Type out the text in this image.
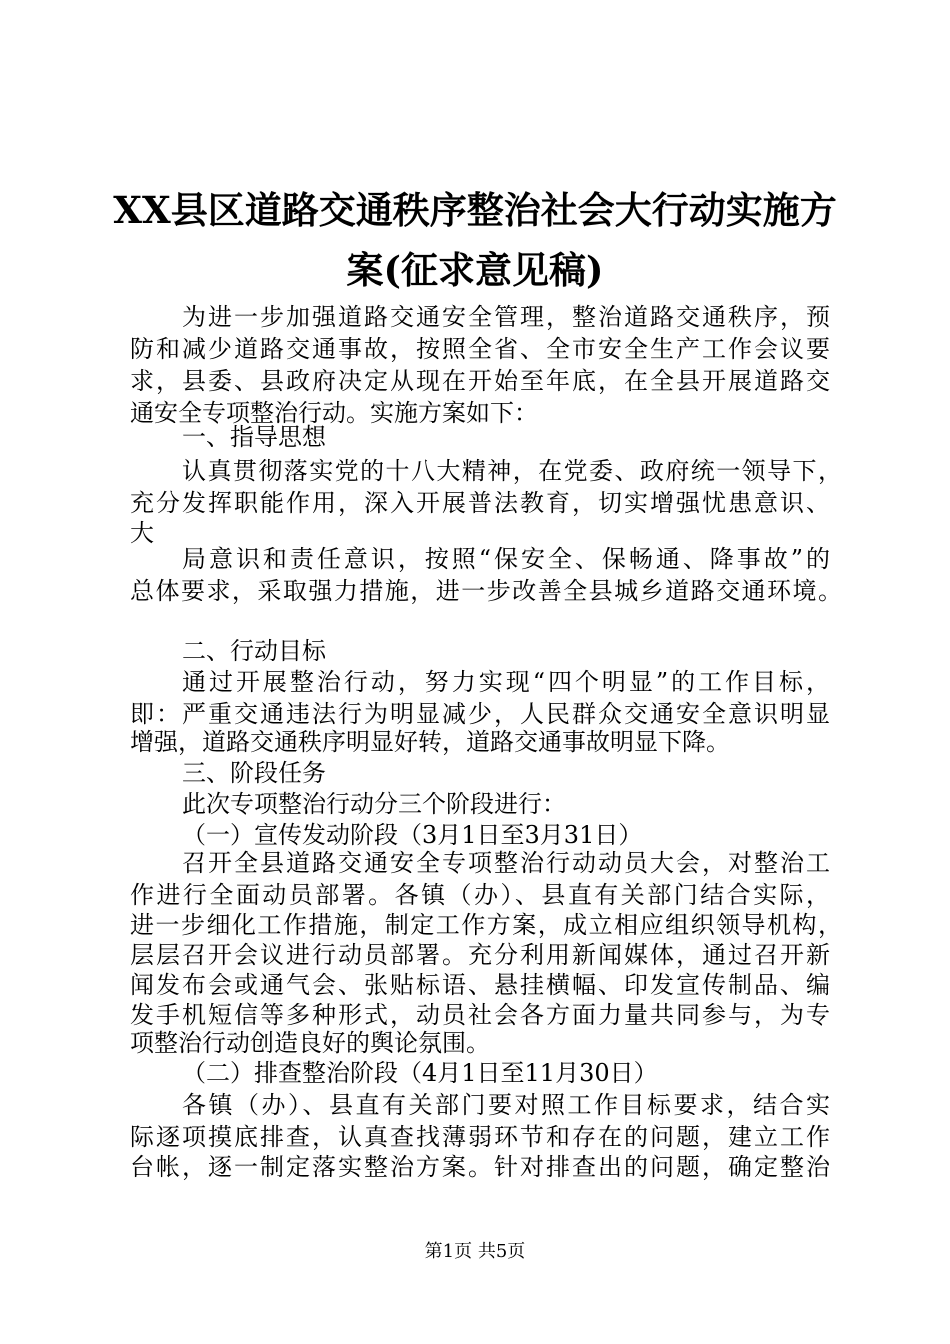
XX县区道路交通秩序整治社会大行动实施方
案(征求意见稿)
为进一步加强道路交通安全管理，整治道路交通秩序，预
防和减少道路交通事故，按照全省、全市安全生产工作会议要
求，县委、县政府决定从现在开始至年底，在全县开展道路交
通安全专项整治行动。实施方案如下：
一、指导思想
认真贯彻落实党的十八大精神，在党委、政府统一领导下，
充分发挥职能作用，深入开展普法教育，切实增强忧患意识、
大
局意识和责任意识，按照“保安全、保畅通、降事故”的
总体要求，采取强力措施，进一步改善全县城乡道路交通环境。
二、行动目标
通过开展整治行动，努力实现“四个明显”的工作目标，
即：严重交通违法行为明显减少，人民群众交通安全意识明显
增强，道路交通秩序明显好转，道路交通事故明显下降。
三、阶段任务
此次专项整治行动分三个阶段进行：
（一）宣传发动阶段（3月1日至3月31日）
召开全县道路交通安全专项整治行动动员大会，对整治工
作进行全面动员部署。各镇（办）、县直有关部门结合实际，
进一步细化工作措施，制定工作方案，成立相应组织领导机构，
层层召开会议进行动员部署。充分利用新闻媒体，通过召开新
闻发布会或通气会、张贴标语、悬挂横幅、印发宣传制品、编
发手机短信等多种形式，动员社会各方面力量共同参与，为专
项整治行动创造良好的舆论氛围。
（二）排查整治阶段（4月1日至11月30日）
各镇（办）、县直有关部门要对照工作目标要求，结合实
际逐项摸底排查，认真查找薄弱环节和存在的问题，建立工作
台帐，逐一制定落实整治方案。针对排查出的问题，确定整治
第1页 共5页
